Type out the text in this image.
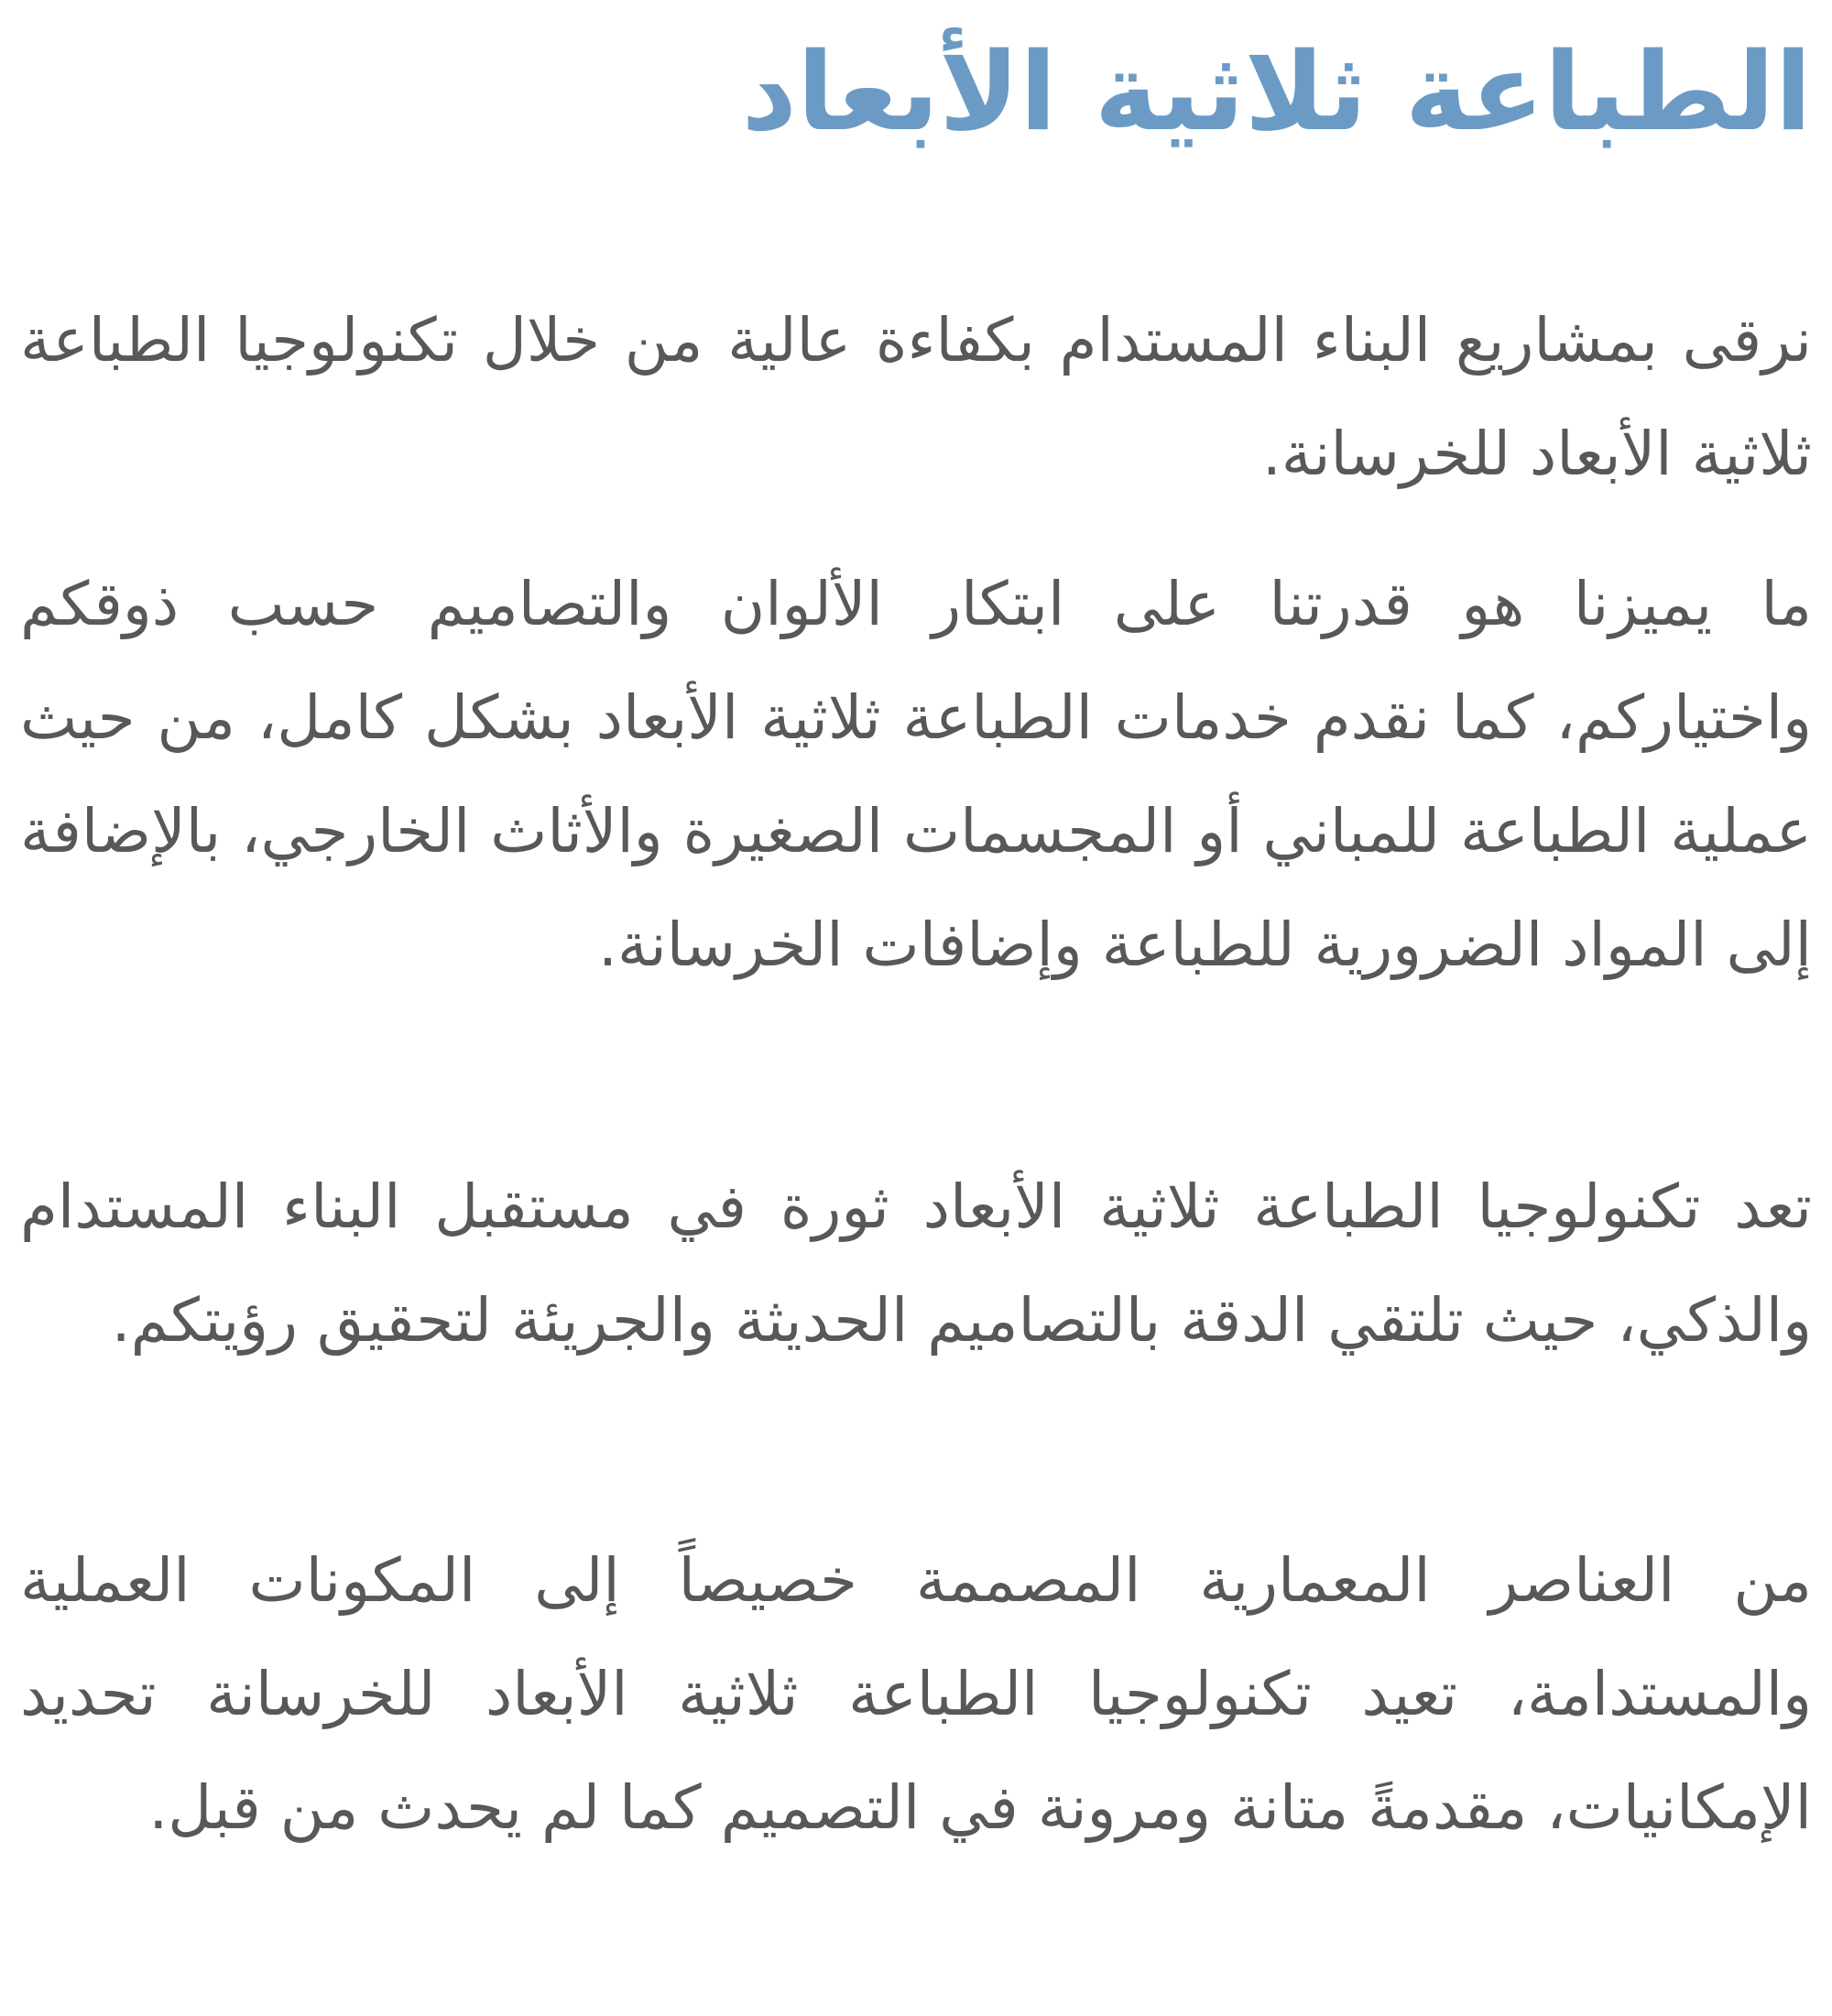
الطباعة ثلاثية الأبعاد

نرقى بمشاريع البناء المستدام بكفاءة عالية من خلال تكنولوجيا الطباعة ثلاثية الأبعاد للخرسانة.

ما يميزنا هو قدرتنا على ابتكار الألوان والتصاميم حسب ذوقكم واختياركم، كما نقدم خدمات الطباعة ثلاثية الأبعاد بشكل كامل، من حيث عملية الطباعة للمباني أو المجسمات الصغيرة والأثاث الخارجي، بالإضافة إلى المواد الضرورية للطباعة وإضافات الخرسانة.

تعد تكنولوجيا الطباعة ثلاثية الأبعاد ثورة في مستقبل البناء المستدام والذكي، حيث تلتقي الدقة بالتصاميم الحديثة والجريئة لتحقيق رؤيتكم.

من العناصر المعمارية المصممة خصيصاً إلى المكونات العملية والمستدامة، تعيد تكنولوجيا الطباعة ثلاثية الأبعاد للخرسانة تحديد الإمكانيات، مقدمةً متانة ومرونة في التصميم كما لم يحدث من قبل.
